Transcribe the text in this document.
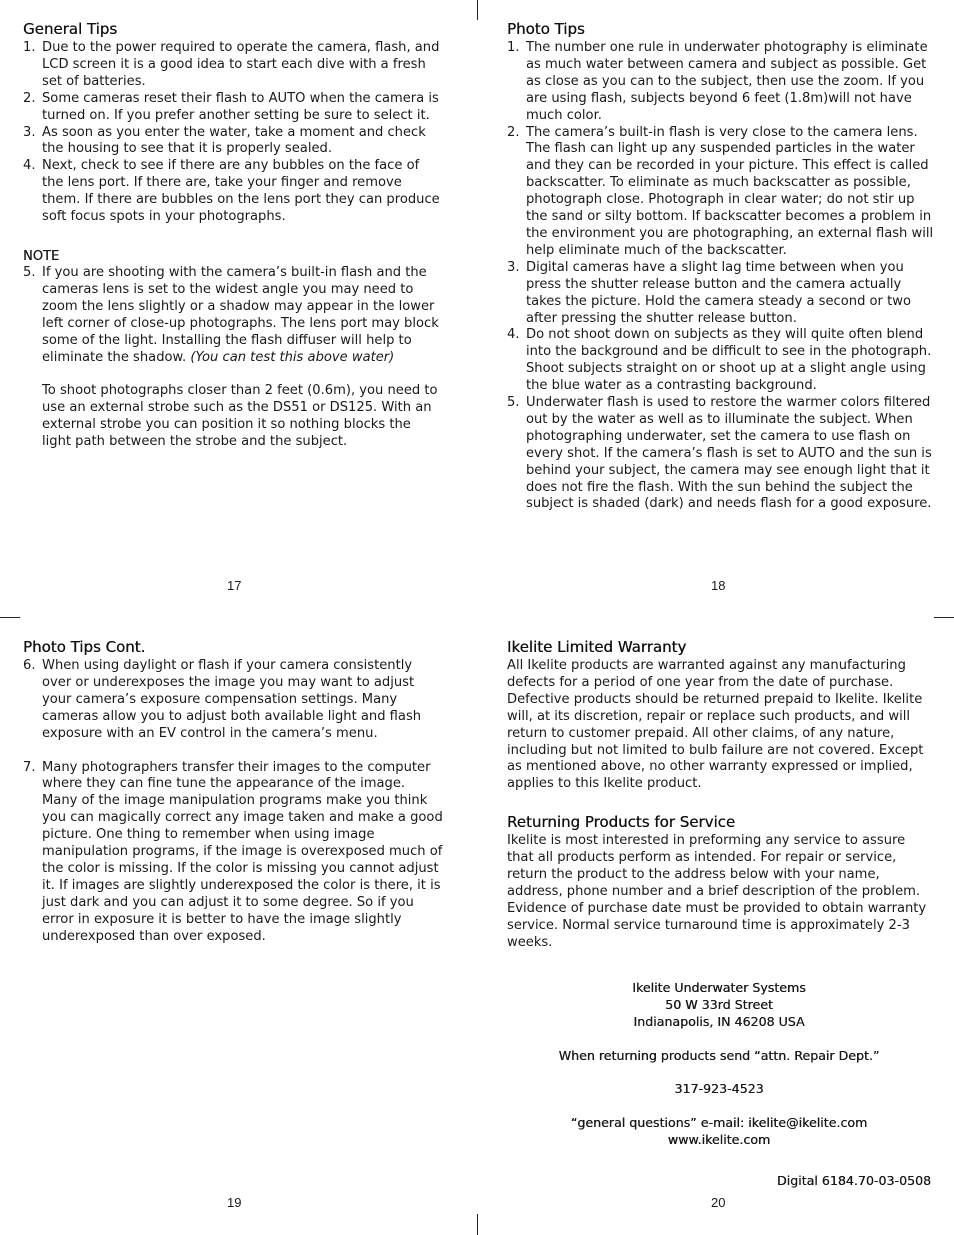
General Tips
1. Due to the power required to operate the camera, flash, and LCD screen it is a good idea to start each dive with a fresh set of batteries.
2. Some cameras reset their flash to AUTO when the camera is turned on. If you prefer another setting be sure to select it.
3. As soon as you enter the water, take a moment and check the housing to see that it is properly sealed.
4. Next, check to see if there are any bubbles on the face of the lens port. If there are, take your finger and remove them. If there are bubbles on the lens port they can produce soft focus spots in your photographs.
NOTE
5. If you are shooting with the camera’s built-in flash and the cameras lens is set to the widest angle you may need to zoom the lens slightly or a shadow may appear in the lower left corner of close-up photographs. The lens port may block some of the light. Installing the flash diffuser will help to eliminate the shadow. (You can test this above water)

To shoot photographs closer than 2 feet (0.6m), you need to use an external strobe such as the DS51 or DS125. With an external strobe you can position it so nothing blocks the light path between the strobe and the subject.

Photo Tips
1. The number one rule in underwater photography is eliminate as much water between camera and subject as possible. Get as close as you can to the subject, then use the zoom. If you are using flash, subjects beyond 6 feet (1.8m)will not have much color.
2. The camera’s built-in flash is very close to the camera lens. The flash can light up any suspended particles in the water and they can be recorded in your picture. This effect is called backscatter. To eliminate as much backscatter as possible, photograph close. Photograph in clear water; do not stir up the sand or silty bottom. If backscatter becomes a problem in the environment you are photographing, an external flash will help eliminate much of the backscatter.
3. Digital cameras have a slight lag time between when you press the shutter release button and the camera actually takes the picture. Hold the camera steady a second or two after pressing the shutter release button.
4. Do not shoot down on subjects as they will quite often blend into the background and be difficult to see in the photograph. Shoot subjects straight on or shoot up at a slight angle using the blue water as a contrasting background.
5. Underwater flash is used to restore the warmer colors filtered out by the water as well as to illuminate the subject. When photographing underwater, set the camera to use flash on every shot. If the camera’s flash is set to AUTO and the sun is behind your subject, the camera may see enough light that it does not fire the flash. With the sun behind the subject the subject is shaded (dark) and needs flash for a good exposure.
Photo Tips Cont.
6. When using daylight or flash if your camera consistently over or underexposes the image you may want to adjust your camera’s exposure compensation settings. Many cameras allow you to adjust both available light and flash exposure with an EV control in the camera’s menu.
7. Many photographers transfer their images to the computer where they can fine tune the appearance of the image. Many of the image manipulation programs make you think you can magically correct any image taken and make a good picture. One thing to remember when using image manipulation programs, if the image is overexposed much of the color is missing. If the color is missing you cannot adjust it. If images are slightly underexposed the color is there, it is just dark and you can adjust it to some degree. So if you error in exposure it is better to have the image slightly underexposed than over exposed.
Ikelite Limited Warranty

All Ikelite products are warranted against any manufacturing defects for a period of one year from the date of purchase. Defective products should be returned prepaid to Ikelite. Ikelite will, at its discretion, repair or replace such products, and will return to customer prepaid. All other claims, of any nature, including but not limited to bulb failure are not covered. Except as mentioned above, no other warranty expressed or implied, applies to this Ikelite product.

Returning Products for Service

Ikelite is most interested in preforming any service to assure that all products perform as intended. For repair or service, return the product to the address below with your name, address, phone number and a brief description of the problem. Evidence of purchase date must be provided to obtain warranty service. Normal service turnaround time is approximately 2-3 weeks.

Ikelite Underwater Systems
50 W 33rd Street
Indianapolis, IN 46208 USA
When returning products send “attn. Repair Dept.”
317-923-4523
“general questions” e-mail: ikelite@ikelite.com
www.ikelite.com
Digital 6184.70-03-0508
17	18
19	20
